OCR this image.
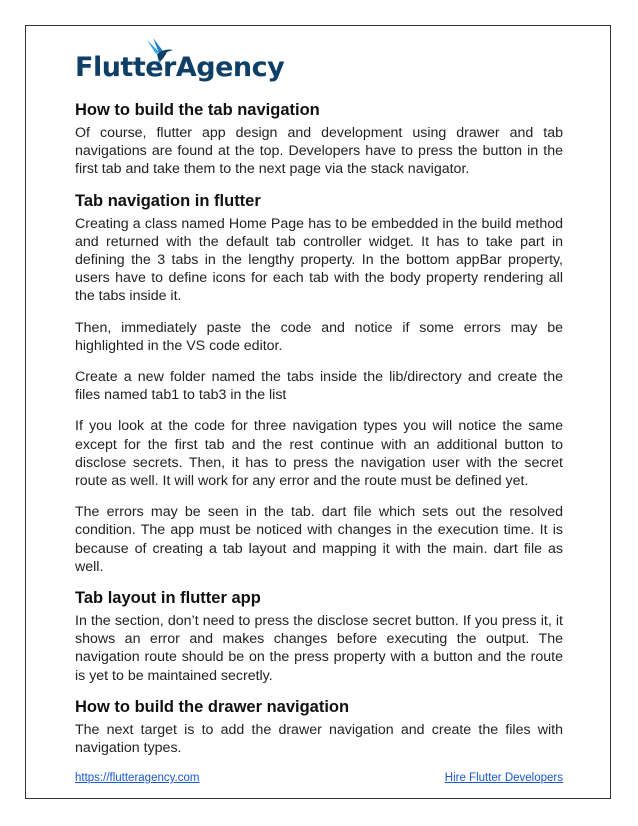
FlutterAgency
How to build the tab navigation

Of course, flutter app design and development using drawer and tab navigations are found at the top. Developers have to press the button in the first tab and take them to the next page via the stack navigator.

Tab navigation in flutter

Creating a class named Home Page has to be embedded in the build method and returned with the default tab controller widget. It has to take part in defining the 3 tabs in the lengthy property. In the bottom appBar property, users have to define icons for each tab with the body property rendering all the tabs inside it.

Then, immediately paste the code and notice if some errors may be highlighted in the VS code editor.

Create a new folder named the tabs inside the lib/directory and create the files named tab1 to tab3 in the list

If you look at the code for three navigation types you will notice the same except for the first tab and the rest continue with an additional button to disclose secrets. Then, it has to press the navigation user with the secret route as well. It will work for any error and the route must be defined yet.

The errors may be seen in the tab. dart file which sets out the resolved condition. The app must be noticed with changes in the execution time. It is because of creating a tab layout and mapping it with the main. dart file as well.

Tab layout in flutter app

In the section, don’t need to press the disclose secret button. If you press it, it shows an error and makes changes before executing the output. The navigation route should be on the press property with a button and the route is yet to be maintained secretly.

How to build the drawer navigation

The next target is to add the drawer navigation and create the files with navigation types.

https://flutteragency.com	Hire Flutter Developers
